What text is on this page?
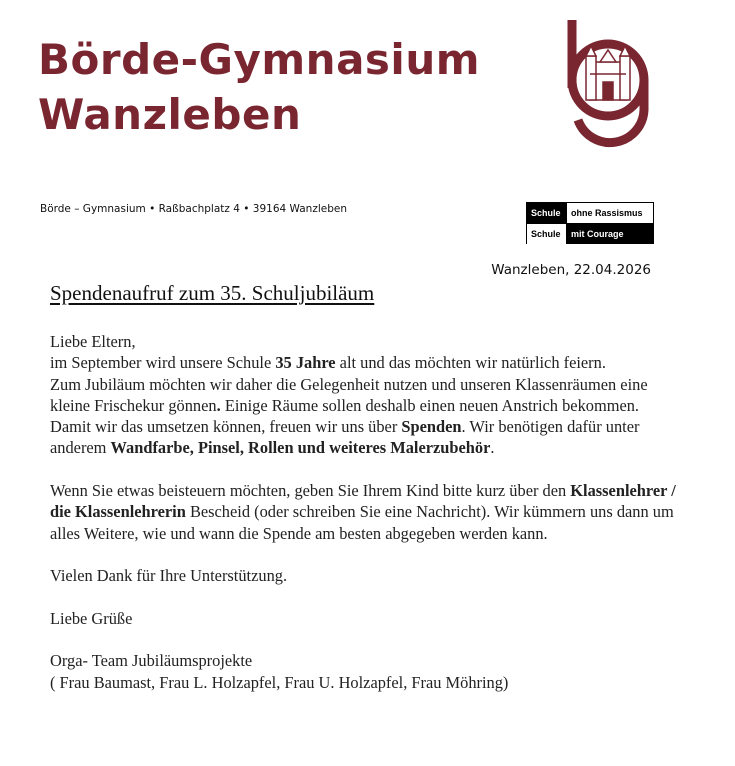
Börde-Gymnasium
Wanzleben
Börde – Gymnasium • Raßbachplatz 4 • 39164 Wanzleben	Schule	ohne Rassismus
Schule	mit Courage
Wanzleben, 22.04.2026
Spendenaufruf zum 35. Schuljubiläum

Liebe Eltern,

im September wird unsere Schule 35 Jahre alt und das möchten wir natürlich feiern.

Zum Jubiläum möchten wir daher die Gelegenheit nutzen und unseren Klassenräumen eine kleine Frischekur gönnen. Einige Räume sollen deshalb einen neuen Anstrich bekommen.

Damit wir das umsetzen können, freuen wir uns über Spenden. Wir benötigen dafür unter anderem Wandfarbe, Pinsel, Rollen und weiteres Malerzubehör.

Wenn Sie etwas beisteuern möchten, geben Sie Ihrem Kind bitte kurz über den Klassenlehrer / die Klassenlehrerin Bescheid (oder schreiben Sie eine Nachricht). Wir kümmern uns dann um alles Weitere, wie und wann die Spende am besten abgegeben werden kann.

Vielen Dank für Ihre Unterstützung.

Liebe Grüße

Orga- Team Jubiläumsprojekte

( Frau Baumast, Frau L. Holzapfel, Frau U. Holzapfel, Frau Möhring)
